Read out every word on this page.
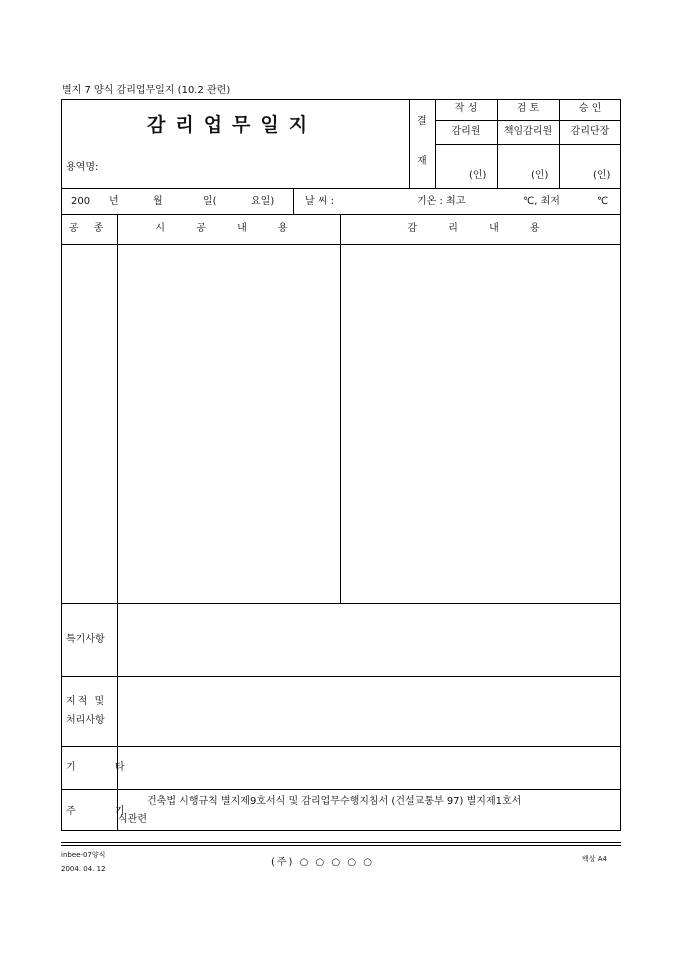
별지 7 양식 감리업무일지 (10.2 관련)
감리업무일지
용역명:
결
재
작 성	검 토	승 인
감리원	책임감리원	감리단장
(인)	(인)	(인)
200 년	월	일(	요일)	날 씨 :	기온 : 최고	℃, 최저	℃
공 종	시 공 내 용	감 리 내 용
특기사항
지적 및
처리사항
기 타
주 기
건축법 시행규칙 별지제9호서식 및 감리업무수행지침서 (건설교통부 97) 별지제1호서
식관련
inbee-07양식
2004. 04. 12
(주) ○ ○ ○ ○ ○	백상 A4
